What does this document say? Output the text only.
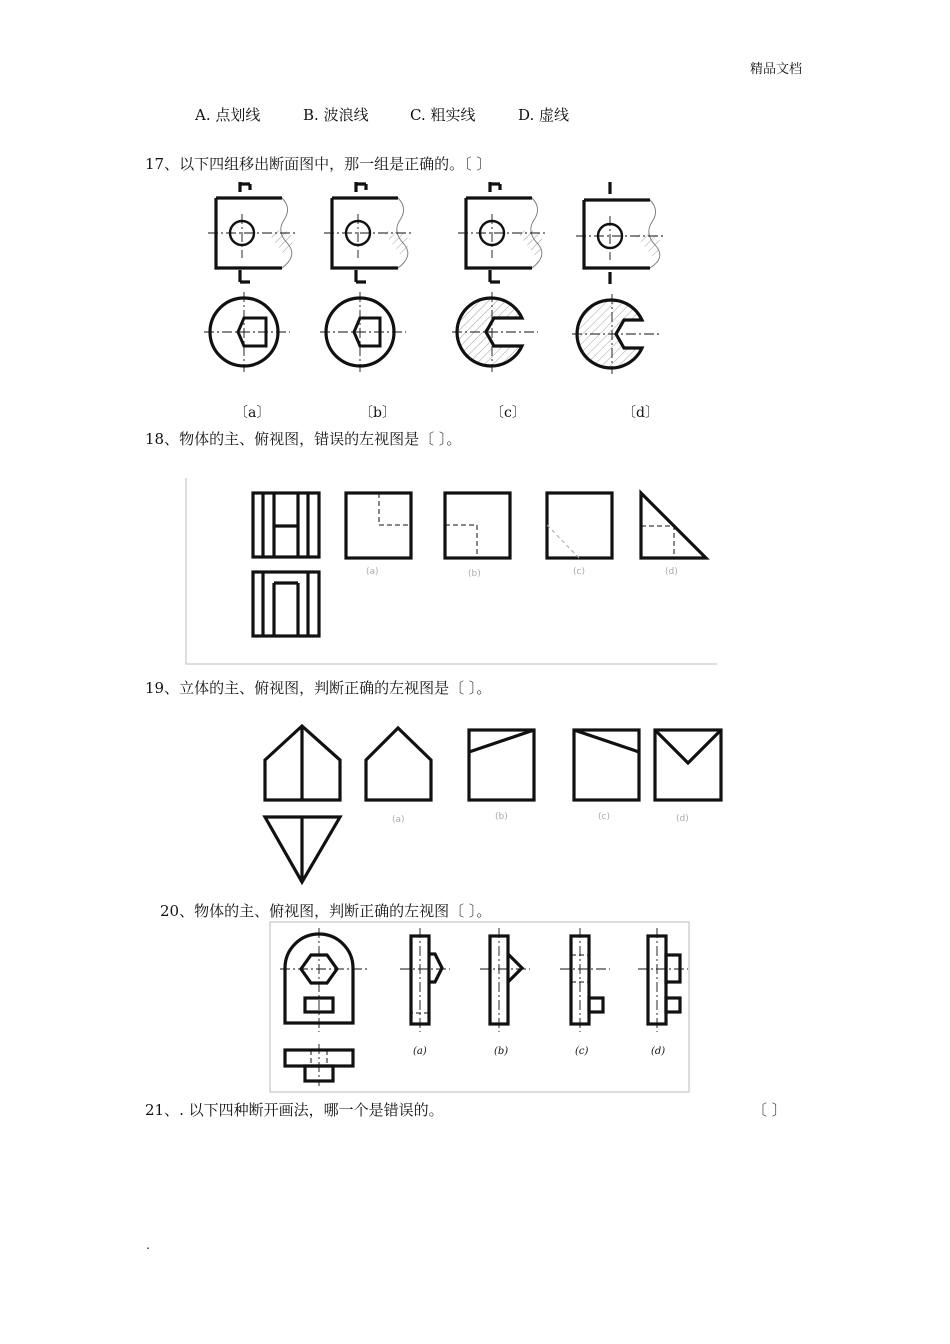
精品文档
A. 点划线	B. 波浪线	C. 粗实线	D. 虚线
17、以下四组移出断面图中，那一组是正确的。〔 〕
〔a〕	〔b〕	〔c〕	〔d〕
18、物体的主、俯视图，错误的左视图是〔 〕。
(a)	(b)	(c)	(d)
19、立体的主、俯视图，判断正确的左视图是〔 〕。
(a)	(b)	(c)	(d)
20、物体的主、俯视图，判断正确的左视图〔 〕。
(a)	(b)	(c)	(d)
21、. 以下四种断开画法，哪一个是错误的。	〔 〕
.
